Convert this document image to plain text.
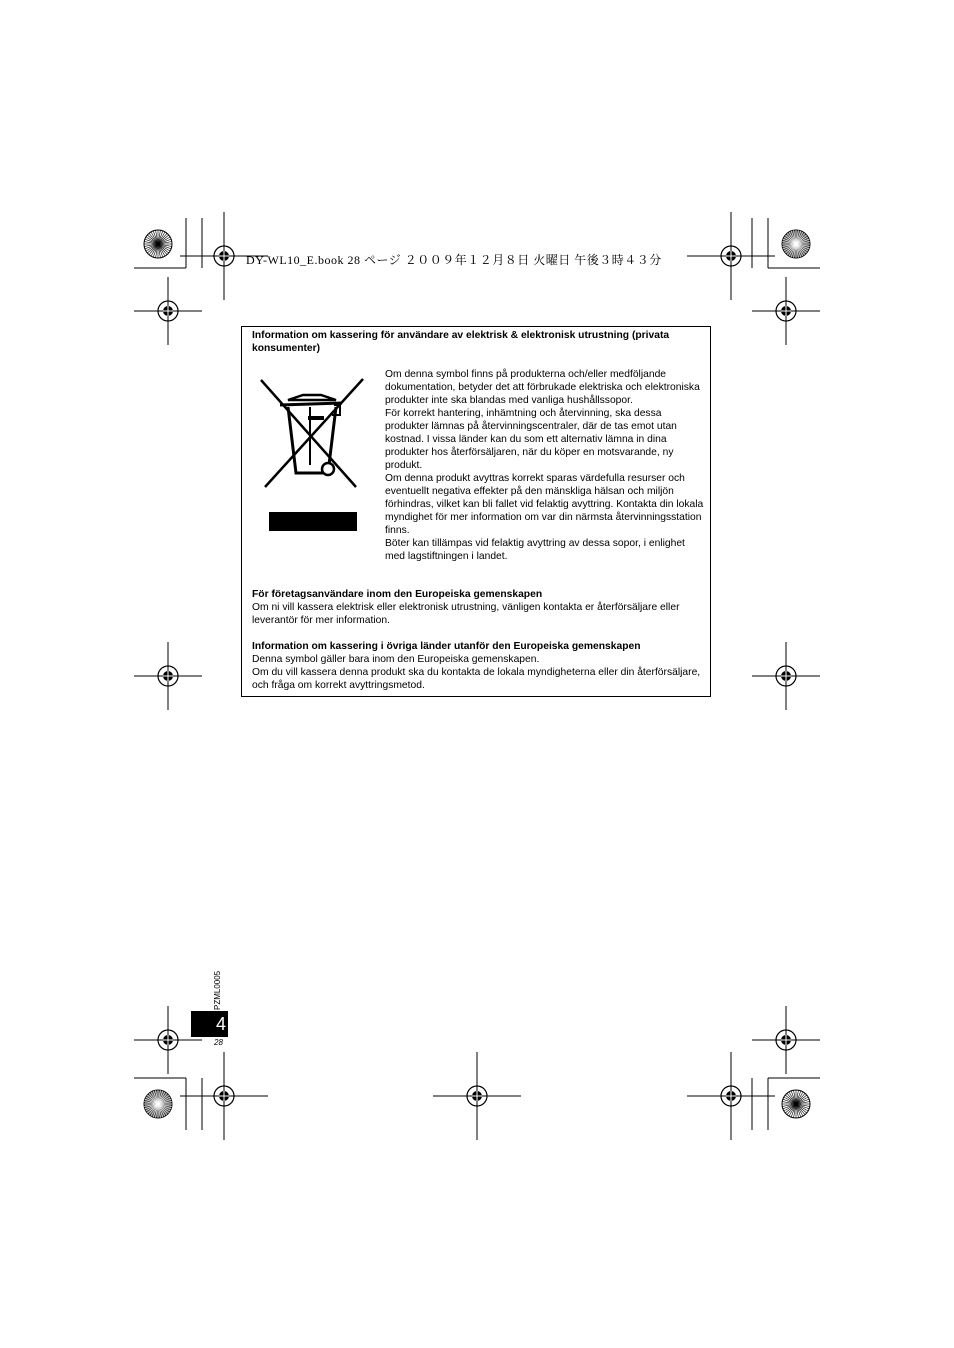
DY-WL10_E.book 28 ページ ２００９年１２月８日 火曜日 午後３時４３分
Information om kassering för användare av elektrisk & elektronisk utrustning (privata konsumenter)

Om denna symbol finns på produkterna och/eller medföljande dokumentation, betyder det att förbrukade elektriska och elektroniska produkter inte ska blandas med vanliga hushållssopor.

För korrekt hantering, inhämtning och återvinning, ska dessa produkter lämnas på återvinningscentraler, där de tas emot utan kostnad. I vissa länder kan du som ett alternativ lämna in dina produkter hos återförsäljaren, när du köper en motsvarande, ny produkt.

Om denna produkt avyttras korrekt sparas värdefulla resurser och eventuellt negativa effekter på den mänskliga hälsan och miljön förhindras, vilket kan bli fallet vid felaktig avyttring. Kontakta din lokala myndighet för mer information om var din närmsta återvinningsstation finns.

Böter kan tillämpas vid felaktig avyttring av dessa sopor, i enlighet med lagstiftningen i landet.

För företagsanvändare inom den Europeiska gemenskapen

Om ni vill kassera elektrisk eller elektronisk utrustning, vänligen kontakta er återförsäljare eller leverantör för mer information.

Information om kassering i övriga länder utanför den Europeiska gemenskapen

Denna symbol gäller bara inom den Europeiska gemenskapen.

Om du vill kassera denna produkt ska du kontakta de lokala myndigheterna eller din återförsäljare, och fråga om korrekt avyttringsmetod.

PZML0005
4
28
